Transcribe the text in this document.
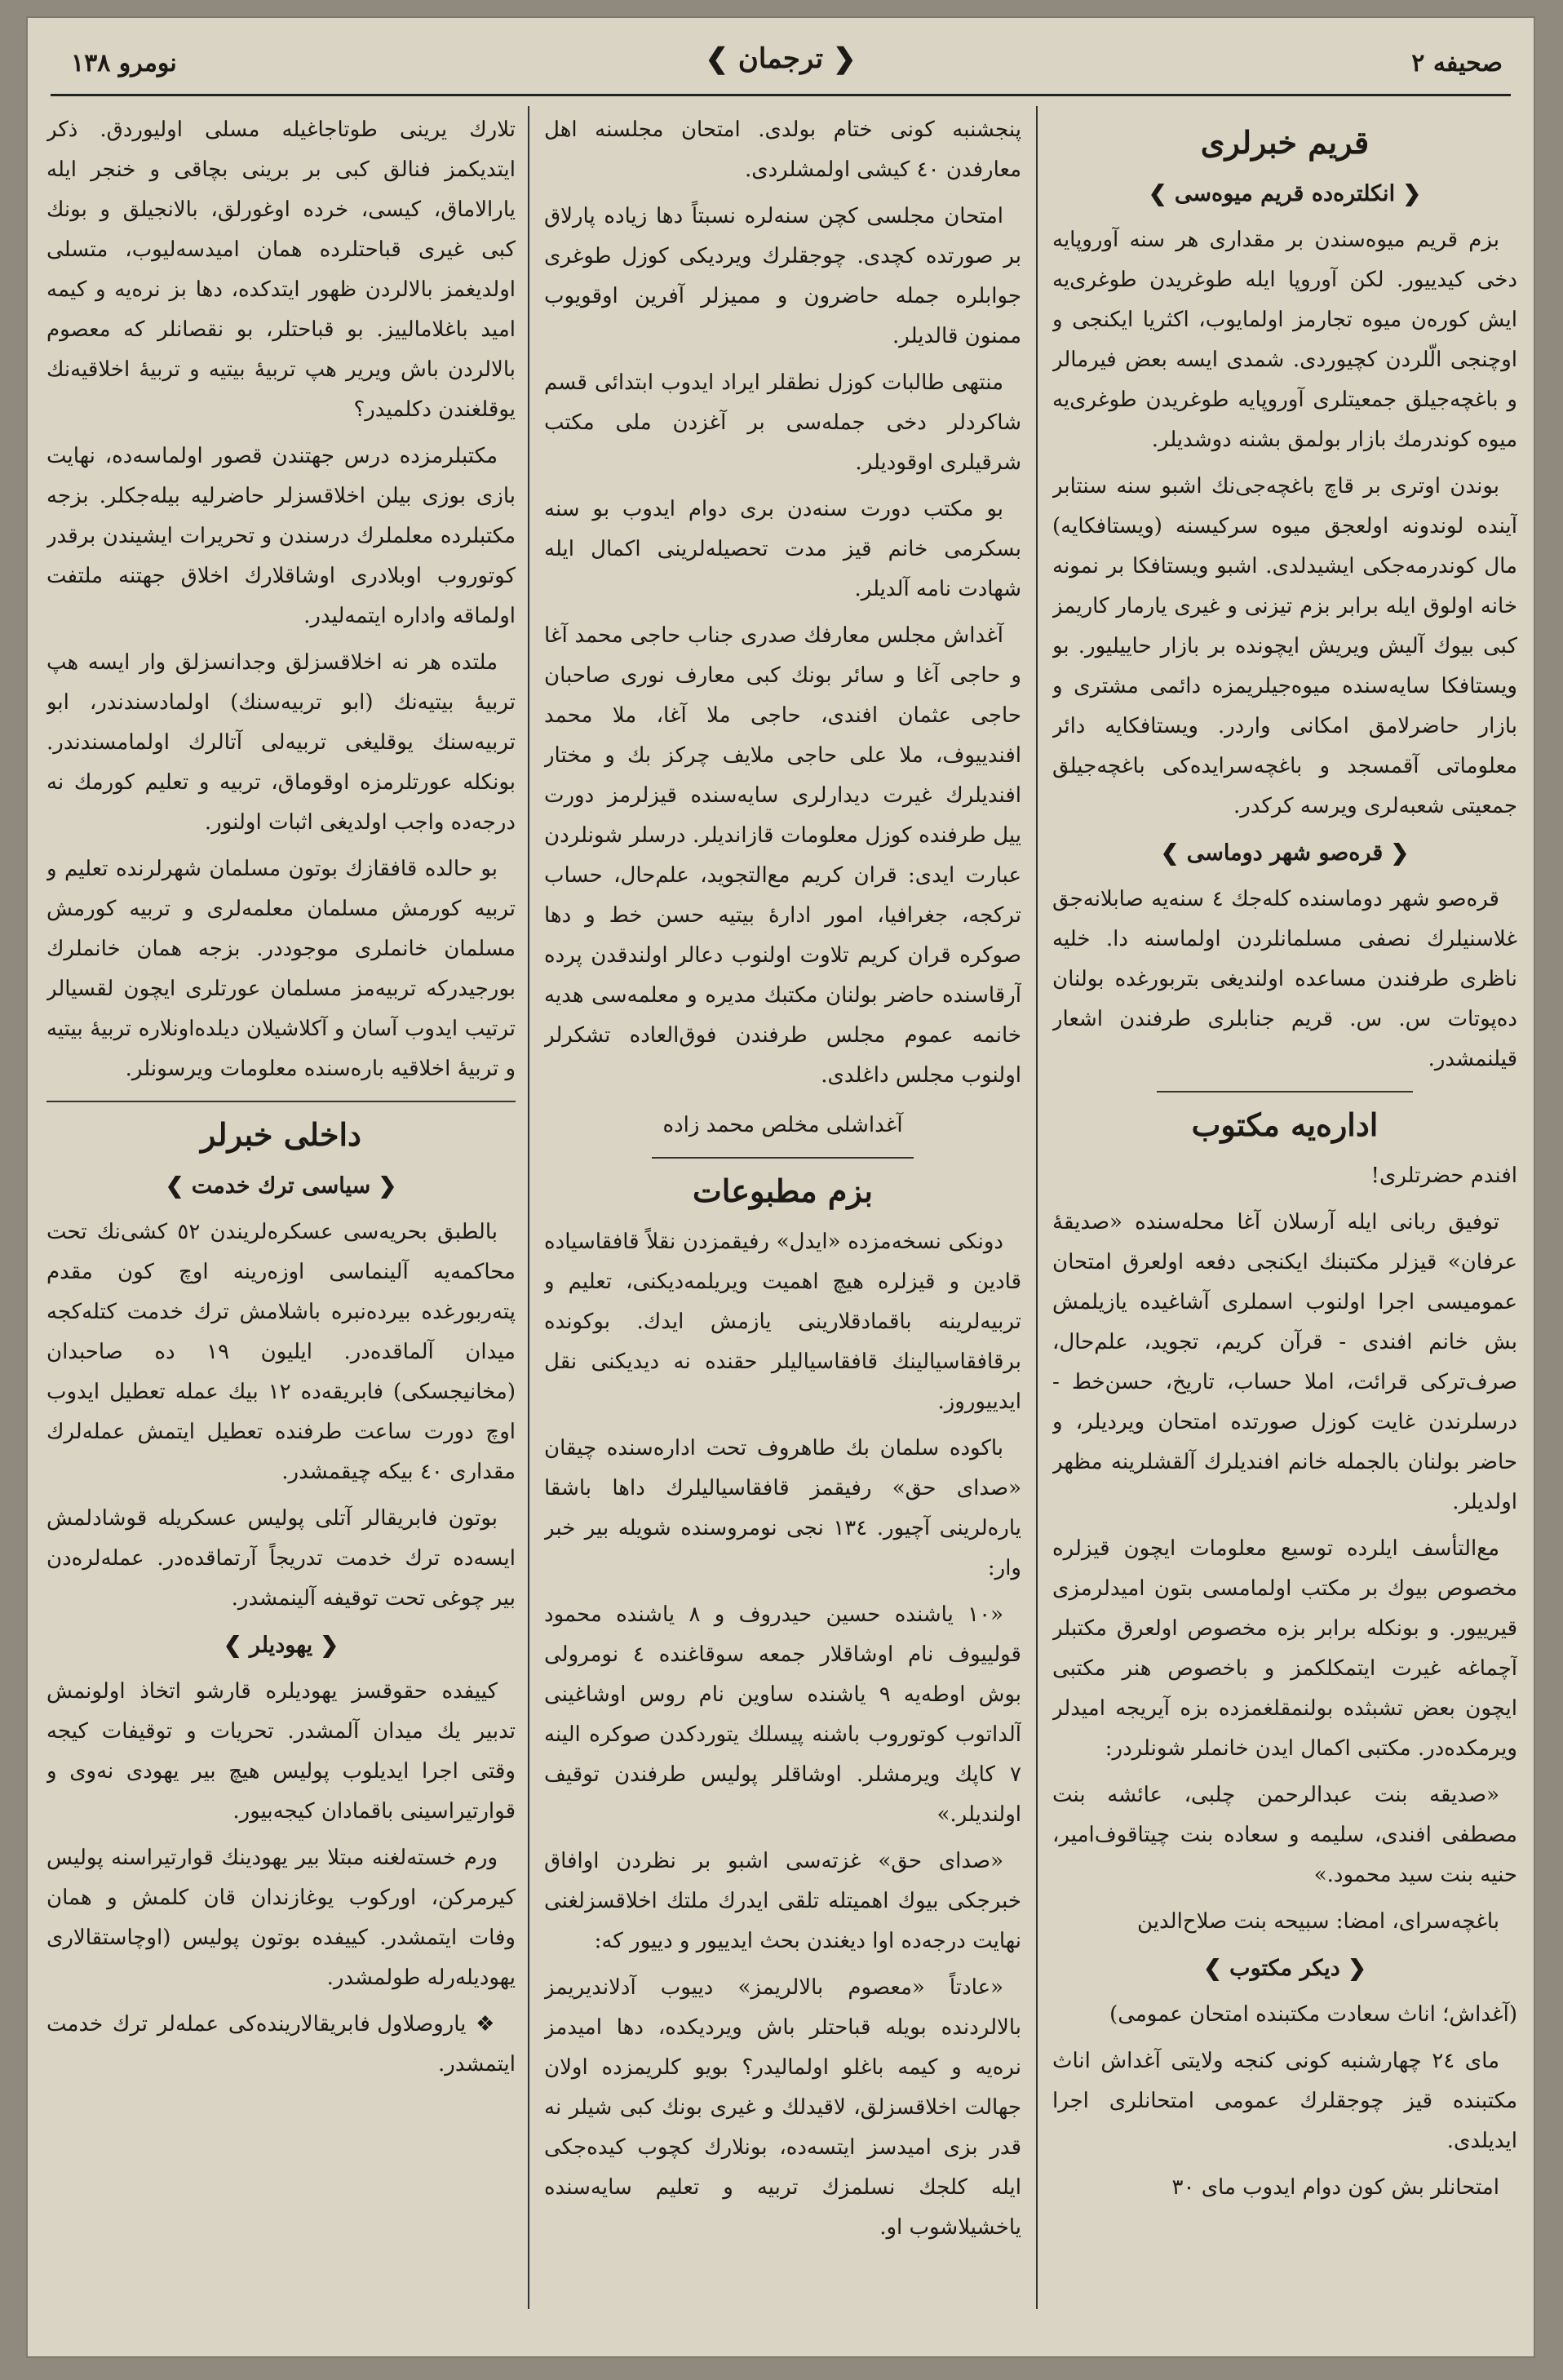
صحیفه ۲
❮ ترجمان ❯
نومرو ۱۳۸
قریم خبرلری
❮ انكلتره‌ده قریم میوه‌سی ❯

بزم قریم میوه‌سندن بر مقداری هر سنه آوروپایه دخی كیدییور. لكن آوروپا ایله طوغریدن طوغری‌یه ایش كوره‌ن میوه تجارمز اولمایوب، اكثریا ایكنجی و اوچنجی الّلردن كچیوردی. شمدی ایسه بعض فیرمالر و باغچه‌جیلق جمعیتلری آوروپایه طوغریدن طوغری‌یه میوه كوندرمك بازار بولمق بشنه دوشدیلر.

بوندن اوتری بر قاچ باغچه‌جی‌نك اشبو سنه سنتابر آینده لوندونه اولعجق میوه سركیسنه (ویستافكایه) مال كوندرمه‌جكی ایشیدلدی. اشبو ویستافكا بر نمونه خانه اولوق ایله برابر بزم تیزنی و غیری یارمار كاریمز كبی بیوك آلیش ویریش ایچونده بر بازار حاییلیور. بو ویستافكا سایه‌سنده میوه‌جیلریمزه دائمی مشتری و بازار حاضرلامق امكانی واردر. ویستافكایه دائر معلوماتی آقمسجد و باغچه‌سرایده‌كی باغچه‌جیلق جمعیتی شعبه‌لری ویرسه كركدر.

❮ قره‌صو شهر دوماسی ❯

قره‌صو شهر دوماسنده كله‌جك ٤ سنه‌یه صابلانه‌جق غلاسنیلرك نصفی مسلمانلردن اولماسنه دا. خلیه ناظری طرفندن مساعده اولندیغی بتربورغده بولنان ده‌پوتات س. س. قریم جنابلری طرفندن اشعار قیلنمشدر.

اداره‌یه مكتوب

افندم حضرتلری!

توفیق ربانی ایله آرسلان آغا محله‌سنده «صدیقهٔ عرفان» قیزلر مكتبنك ایكنجی دفعه اولعرق امتحان عمومیسی اجرا اولنوب اسملری آشاغیده یازیلمش بش خانم افندی - قرآن كریم، تجوید، علم‌حال، صرف‌تركی قرائت، املا حساب، تاریخ، حسن‌خط - درسلرندن غایت كوزل صورتده امتحان ویردیلر، و حاضر بولنان بالجمله خانم افندیلرك آلقشلرینه مظهر اولدیلر.

مع‌التأسف ایلرده توسیع معلومات ایچون قیزلره مخصوص بیوك بر مكتب اولمامسی بتون امیدلرمزی قیرییور. و بونكله برابر بزه مخصوص اولعرق مكتبلر آچماغه غیرت ایتمكلكمز و باخصوص هنر مكتبی ایچون بعض تشبثده بولنمقلغمزده بزه آیریجه امیدلر ویرمكده‌در. مكتبی اكمال ایدن خانملر شونلردر:

«صدیقه بنت عبدالرحمن چلبی، عائشه بنت مصطفی افندی، سلیمه و سعاده بنت چیتاقوف‌امیر، حنیه بنت سید محمود.»

باغچه‌سرای، امضا: سبیحه بنت صلاح‌الدین

❮ دیكر مكتوب ❯

(آغداش؛ اناث سعادت مكتبنده امتحان عمومی)

مای ٢٤ چهارشنبه كونی كنجه ولایتی آغداش اناث مكتبنده قیز چوجقلرك عمومی امتحانلری اجرا ایدیلدی.

امتحانلر بش كون دوام ایدوب مای ٣٠

پنجشنبه كونی ختام بولدی. امتحان مجلسنه اهل معارفدن ٤٠ كیشی اولمشلردی.

امتحان مجلسی كچن سنه‌لره نسبتاً دها زیاده پارلاق بر صورتده كچدی. چوجقلرك ویردیكی كوزل طوغری جوابلره جمله حاضرون و ممیزلر آفرین اوقویوب ممنون قالدیلر.

منتهی طالبات كوزل نطقلر ایراد ایدوب ابتدائی قسم شاكردلر دخی جمله‌سی بر آغزدن ملی مكتب شرقیلری اوقودیلر.

بو مكتب دورت سنه‌دن بری دوام ایدوب بو سنه بسكرمی خانم قیز مدت تحصیله‌لرینی اكمال ایله شهادت نامه آلدیلر.

آغداش مجلس معارفك صدری جناب حاجی محمد آغا و حاجی آغا و سائر بونك كبی معارف نوری صاحبان حاجی عثمان افندی، حاجی ملا آغا، ملا محمد افندییوف، ملا علی حاجی ملایف چركز بك و مختار افندیلرك غیرت دیدارلری سایه‌سنده قیزلرمز دورت ییل طرفنده كوزل معلومات قازاندیلر. درسلر شونلردن عبارت ایدی: قران كریم مع‌التجوید، علم‌حال، حساب تركجه، جغرافیا، امور ادارهٔ بیتیه حسن خط و دها صوكره قران كریم تلاوت اولنوب دعالر اولندقدن پرده آرقاسنده حاضر بولنان مكتبك مدیره و معلمه‌سی هدیه خانمه عموم مجلس طرفندن فوق‌العاده تشكرلر اولنوب مجلس داغلدی.

آغداشلی مخلص محمد زاده
بزم مطبوعات

دونكی نسخه‌مزده «ایدل» رفیقمزدن نقلاً قافقاسیاده قادین و قیزلره هیچ اهمیت ویریلمه‌دیكنی، تعلیم و تربیه‌لرینه باقمادقلارینی یازمش ایدك. بوكونده برقافقاسیالینك قافقاسیالیلر حقنده نه دیدیكنی نقل ایدییوروز.

باكوده سلمان بك طاهروف تحت اداره‌سنده چیقان «صدای حق» رفیقمز قافقاسیالیلرك داها باشقا یارەلرینی آچیور. ١٣٤ نجی نومروسنده شویله بیر خبر وار:

«١٠ یاشنده حسین حیدروف و ٨ یاشنده محمود قولییوف نام اوشاقلار جمعه سوقاغنده ٤ نومرولی بوش اوطه‌یه ٩ یاشنده ساوین نام روس اوشاغینی آلداتوب كوتوروب باشنه پیسلك یتوردكدن صوكره الینه ٧ كاپك ویرمشلر. اوشاقلر پولیس طرفندن توقیف اولندیلر.»

«صدای حق» غزته‌سی اشبو بر نظردن اوافاق خبرجكی بیوك اهمیتله تلقی ایدرك ملتك اخلاقسزلغنی نهایت درجه‌ده اوا دیغندن بحث ایدییور و دییور كه:

«عادتاً «معصوم بالالریمز» دییوب آدلاندیریمز بالالردنده بویله قباحتلر باش ویردیكده، دها امیدمز نره‌یه و كیمه باغلو اولمالیدر؟ بویو كلریمزده اولان جهالت اخلاقسزلق، لاقیدلك و غیری بونك كبی شیلر نه قدر بزی امیدسز ایتسه‌ده، بونلارك كچوب كیده‌جكی ایله كلجك نسلمزك تربیه و تعلیم سایه‌سنده یاخشیلاشوب او.

تلارك یرینی طوتاجاغیله مسلی اولیوردق. ذكر ایتدیكمز فنالق كبی بر برینی بچاقی و خنجر ایله یارالاماق، كیسی، خرده اوغورلق، بالانجیلق و بونك كبی غیری قباحتلرده همان امید‌سه‌لیوب، متسلی اولدیغمز بالالردن ظهور ایتدكده، دها بز نره‌یه و كیمه امید باغلامالییز. بو قباحتلر، بو نقصانلر كه معصوم بالالردن باش ویریر هپ تربیهٔ بیتیه و تربیهٔ اخلاقیه‌نك یوقلغندن دكلمیدر؟

مكتبلرمزده درس جهتندن قصور اولماسه‌ده، نهایت بازی بوزی بیلن اخلاقسزلر حاضرلیه بیله‌جكلر. بزجه مكتبلرده معلملرك درسندن و تحریرات ایشیندن برقدر كوتوروب اوبلادری اوشاقلارك اخلاق جهتنه ملتفت اولماقه واداره ایتمه‌لیدر.

ملتده هر نه اخلاقسزلق وجدانسزلق وار ایسه هپ تربیهٔ بیتیه‌نك (ابو تربیه‌سنك) اولمادسندندر، ابو تربیه‌سنك یوقلیغی تربیه‌لی آتالرك اولمامسندندر. بونكله عورتلرمزه اوقوماق، تربیه و تعلیم كورمك نه درجه‌ده واجب اولدیغی اثبات اولنور.

بو حالده قافقازك بوتون مسلمان شهرلرنده تعلیم و تربیه كورمش مسلمان معلمه‌لری و تربیه كورمش مسلمان خانملری موجوددر. بزجه همان خانملرك بورجیدركه تربیه‌مز مسلمان عورتلری ایچون لقسیالر ترتیب ایدوب آسان و آكلاشیلان دیلده‌اونلاره تربیهٔ بیتیه و تربیهٔ اخلاقیه باره‌سنده معلومات ویرسونلر.

داخلی خبرلر
❮ سیاسی ترك خدمت ❯

بالطبق بحریه‌سی عسكره‌لریندن ٥٢ كشی‌نك تحت محاكمه‌یه آلینماسی اوزه‌رینه اوچ كون مقدم پتەربورغده بیرده‌نبره باشلامش ترك خدمت كتلەكجه میدان آلماقده‌در. ایلیون ١٩ ده صاحبدان (مخانیجسكی) فابریقه‌ده ١٢ بیك عمله تعطیل ایدوب اوچ دورت ساعت طرفنده تعطیل ایتمش عمله‌لرك مقداری ٤٠ بیكه چیقمشدر.

بوتون فابریقالر آتلی پولیس عسكریله قوشادلمش ایسه‌ده ترك خدمت تدریجاً آرتماقده‌در. عمله‌لره‌دن بیر چوغی تحت توقیفه آلینمشدر.

❮ یهودیلر ❯

كییفده حقوقسز یهودیلره قارشو اتخاذ اولونمش تدبیر یك میدان آلمشدر. تحریات و توقیفات كیجه وقتی اجرا ایدیلوب پولیس هیچ بیر یهودی نه‌وی و قوارتیراسینی باقمادان كیجه‌بیور.

ورم خسته‌لغنه مبتلا بیر یهودینك قوارتیراسنه پولیس كیرمركن، اوركوب یوغازندان قان كلمش و همان وفات ایتمشدر. كییفده بوتون پولیس (اوچاستقالاری یهودیلەرله طولمشدر.

❖ یاروصلاول فابریقالارینده‌كی عمله‌لر ترك خدمت ایتمشدر.
